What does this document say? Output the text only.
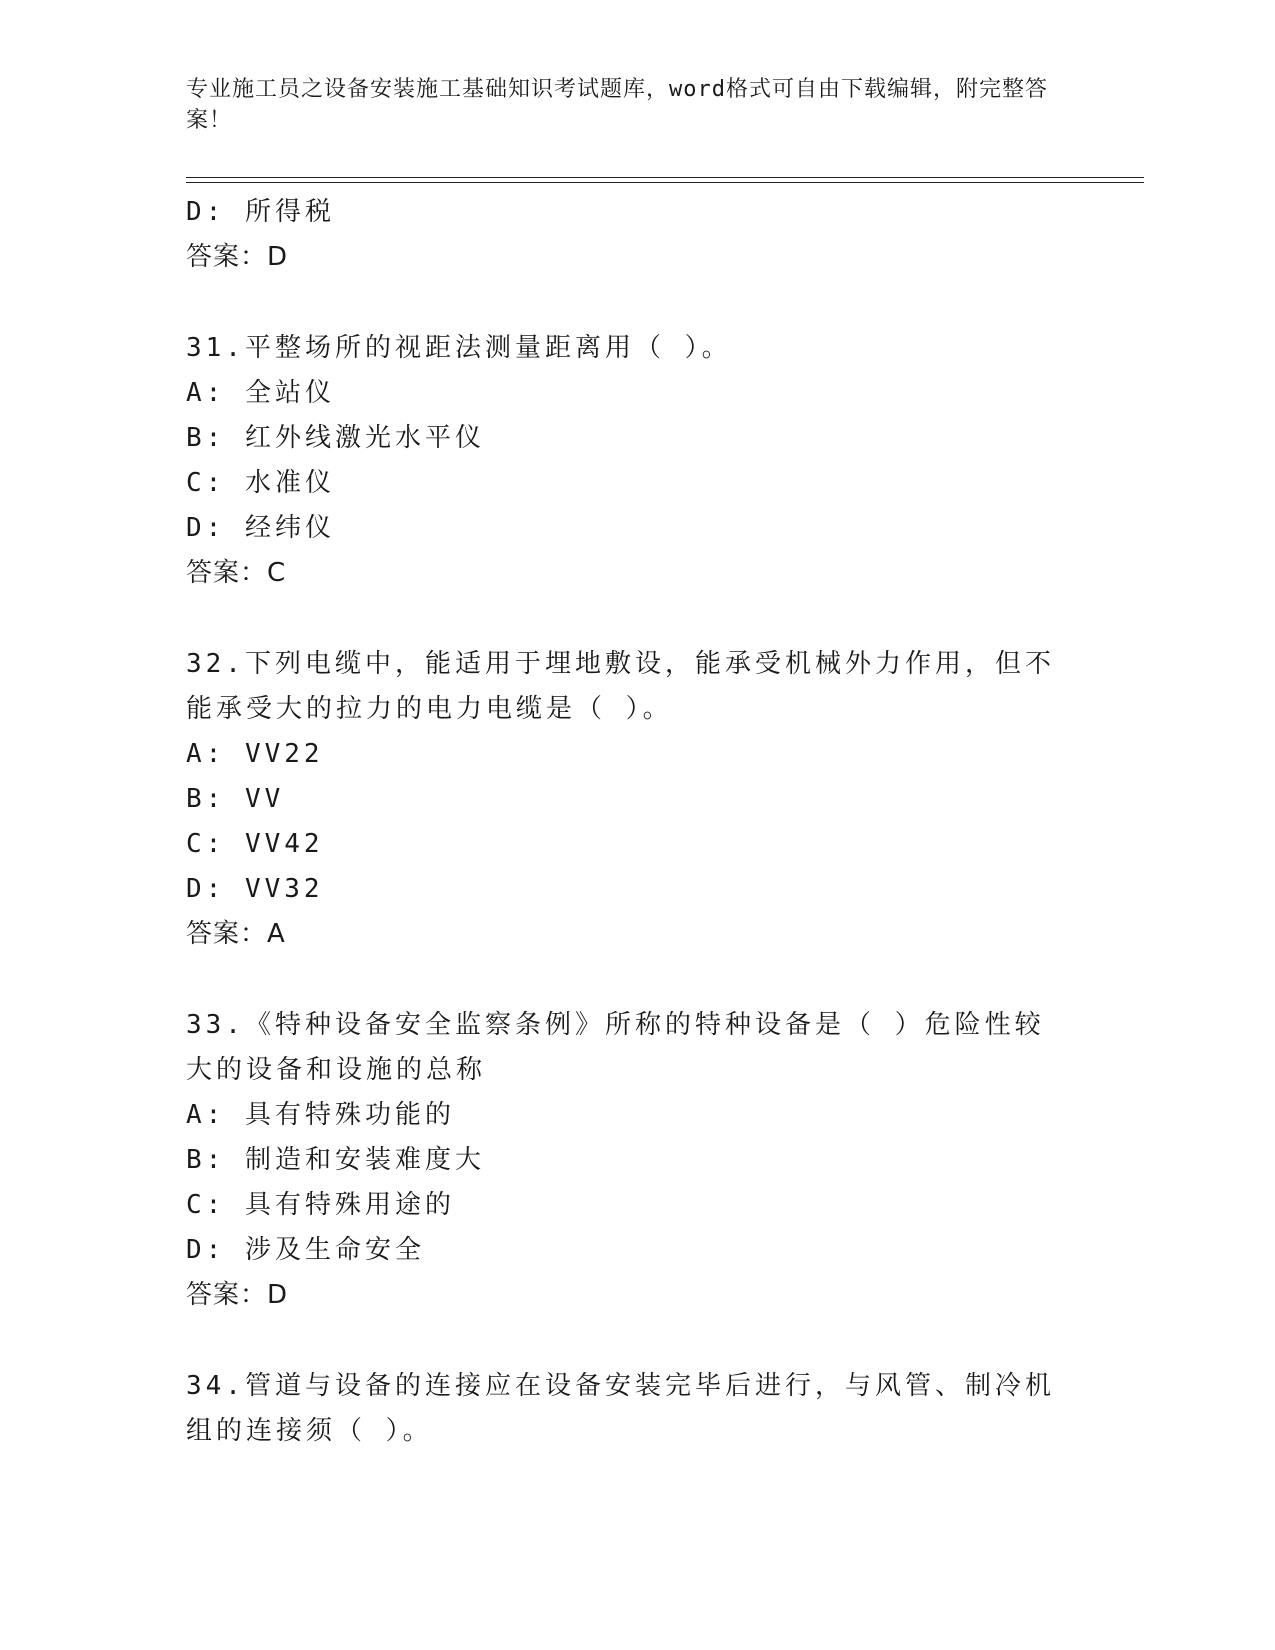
专业施工员之设备安装施工基础知识考试题库，word格式可自由下载编辑，附完整答案！
D: 所得税
答案：D
31.平整场所的视距法测量距离用（ ）。
A: 全站仪
B: 红外线激光水平仪
C: 水准仪
D: 经纬仪
答案：C
32.下列电缆中，能适用于埋地敷设，能承受机械外力作用，但不能承受大的拉力的电力电缆是（ ）。
A: VV22
B: VV
C: VV42
D: VV32
答案：A
33.《特种设备安全监察条例》所称的特种设备是（ ）危险性较大的设备和设施的总称
A: 具有特殊功能的
B: 制造和安装难度大
C: 具有特殊用途的
D: 涉及生命安全
答案：D
34.管道与设备的连接应在设备安装完毕后进行，与风管、制冷机组的连接须（ ）。
